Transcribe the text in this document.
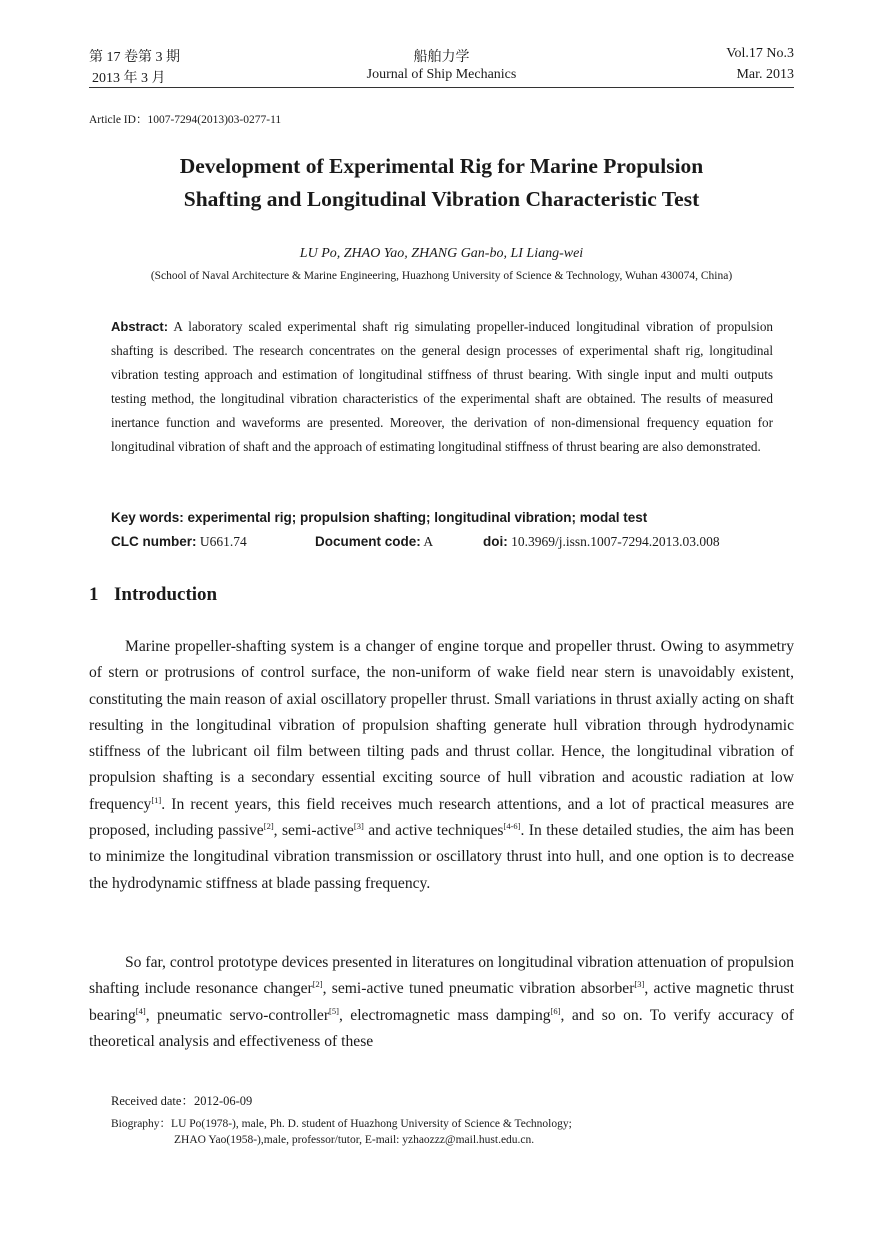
第 17 卷第 3 期	船舶力学	Vol.17 No.3
2013 年 3 月	Journal of Ship Mechanics	Mar. 2013
Article ID：1007-7294(2013)03-0277-11
Development of Experimental Rig for Marine Propulsion
Shafting and Longitudinal Vibration Characteristic Test
LU Po, ZHAO Yao, ZHANG Gan-bo, LI Liang-wei
(School of Naval Architecture & Marine Engineering, Huazhong University of Science & Technology, Wuhan 430074, China)
Abstract: A laboratory scaled experimental shaft rig simulating propeller-induced longitudinal vibration of propulsion shafting is described. The research concentrates on the general design processes of experimental shaft rig, longitudinal vibration testing approach and estimation of longitudinal stiffness of thrust bearing. With single input and multi outputs testing method, the longitudinal vibration characteristics of the experimental shaft are obtained. The results of measured inertance function and waveforms are presented. Moreover, the derivation of non-dimensional frequency equation for longitudinal vibration of shaft and the approach of estimating longitudinal stiffness of thrust bearing are also demonstrated.
Key words: experimental rig; propulsion shafting; longitudinal vibration; modal test
CLC number: U661.74	Document code: A	doi: 10.3969/j.issn.1007-7294.2013.03.008
1 Introduction

Marine propeller-shafting system is a changer of engine torque and propeller thrust. Owing to asymmetry of stern or protrusions of control surface, the non-uniform of wake field near stern is unavoidably existent, constituting the main reason of axial oscillatory propeller thrust. Small variations in thrust axially acting on shaft resulting in the longitudinal vibration of propulsion shafting generate hull vibration through hydrodynamic stiffness of the lubricant oil film between tilting pads and thrust collar. Hence, the longitudinal vibration of propulsion shafting is a secondary essential exciting source of hull vibration and acoustic radiation at low frequency[1]. In recent years, this field receives much research attentions, and a lot of practical measures are proposed, including passive[2], semi-active[3] and active techniques[4-6]. In these detailed studies, the aim has been to minimize the longitudinal vibration transmission or oscillatory thrust into hull, and one option is to decrease the hydrodynamic stiffness at blade passing frequency.

So far, control prototype devices presented in literatures on longitudinal vibration attenuation of propulsion shafting include resonance changer[2], semi-active tuned pneumatic vibration absorber[3], active magnetic thrust bearing[4], pneumatic servo-controller[5], electromagnetic mass damping[6], and so on. To verify accuracy of theoretical analysis and effectiveness of these

Received date：2012-06-09
Biography：LU Po(1978-), male, Ph. D. student of Huazhong University of Science & Technology;
ZHAO Yao(1958-),male, professor/tutor, E-mail: yzhaozzz@mail.hust.edu.cn.
